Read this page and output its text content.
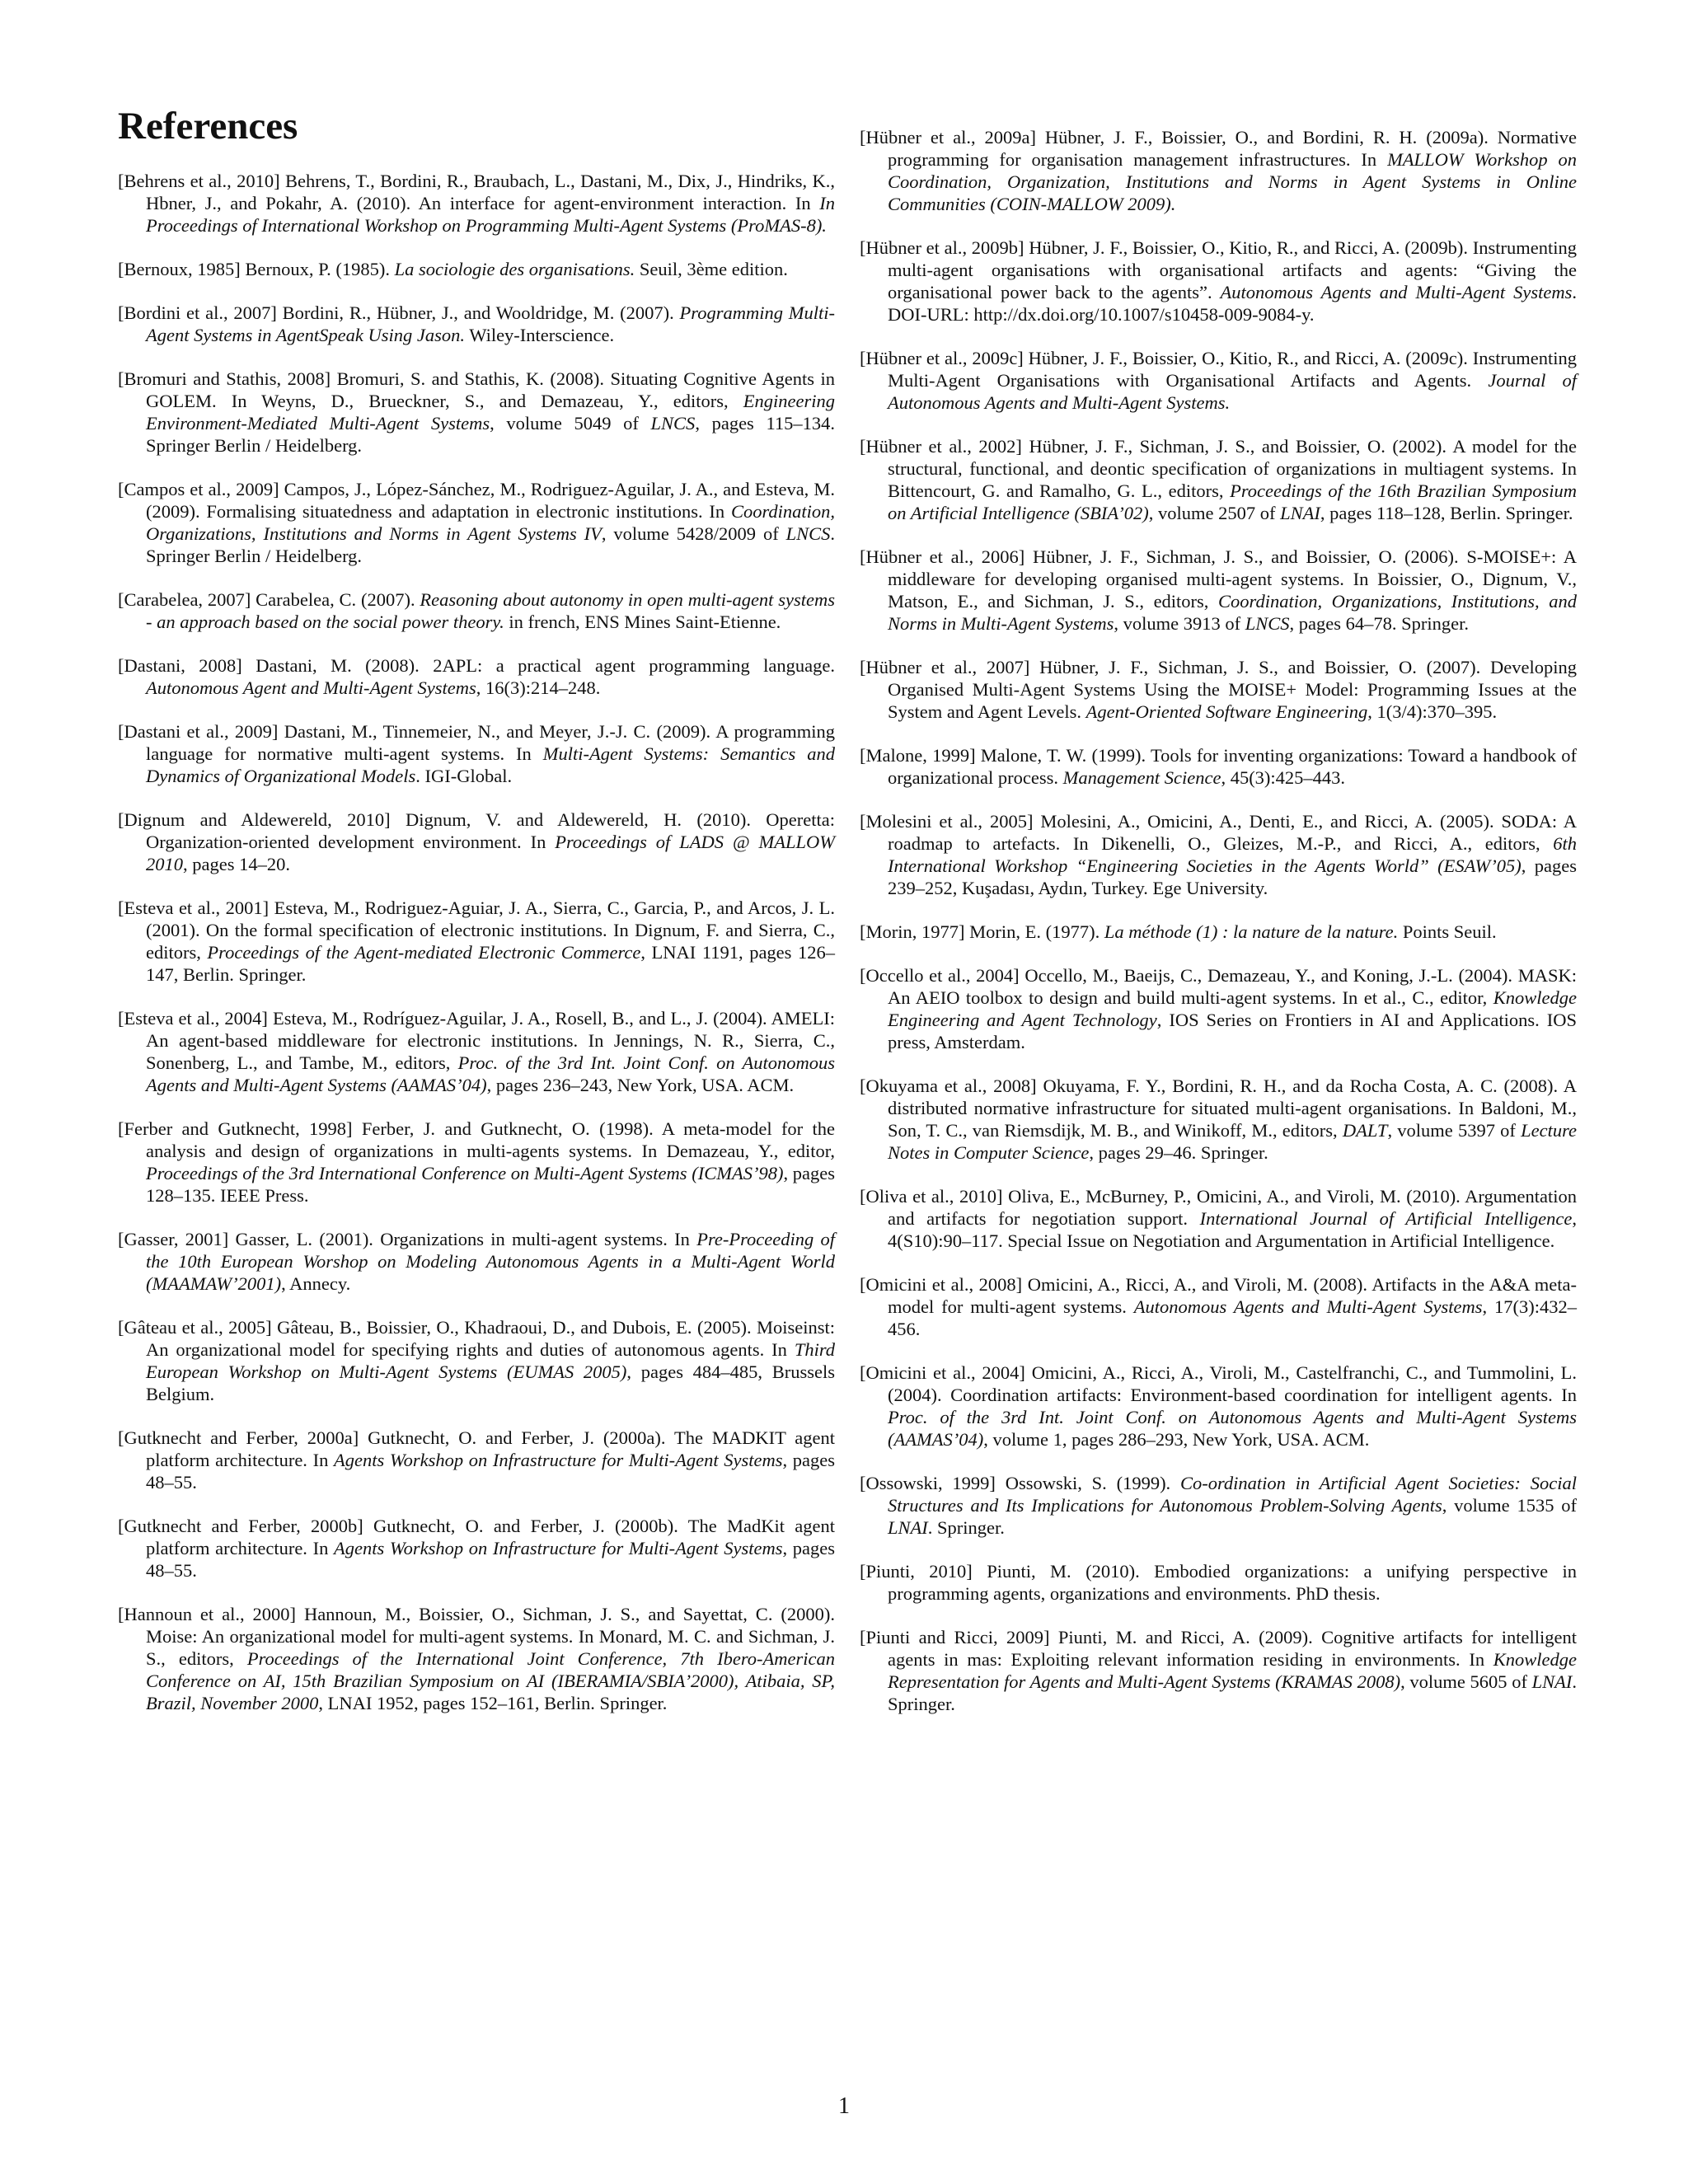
References

[Behrens et al., 2010] Behrens, T., Bordini, R., Braubach, L., Dastani, M., Dix, J., Hindriks, K., Hbner, J., and Pokahr, A. (2010). An interface for agent-environment interaction. In In Proceedings of International Workshop on Programming Multi-Agent Systems (ProMAS-8).

[Bernoux, 1985] Bernoux, P. (1985). La sociologie des organisations. Seuil, 3ème edition.

[Bordini et al., 2007] Bordini, R., Hübner, J., and Wooldridge, M. (2007). Programming Multi-Agent Systems in AgentSpeak Using Jason. Wiley-Interscience.

[Bromuri and Stathis, 2008] Bromuri, S. and Stathis, K. (2008). Situating Cognitive Agents in GOLEM. In Weyns, D., Brueckner, S., and Demazeau, Y., editors, Engineering Environment-Mediated Multi-Agent Systems, volume 5049 of LNCS, pages 115–134. Springer Berlin / Heidelberg.

[Campos et al., 2009] Campos, J., López-Sánchez, M., Rodriguez-Aguilar, J. A., and Esteva, M. (2009). Formalising situatedness and adaptation in electronic institutions. In Coordination, Organizations, Institutions and Norms in Agent Systems IV, volume 5428/2009 of LNCS. Springer Berlin / Heidelberg.

[Carabelea, 2007] Carabelea, C. (2007). Reasoning about autonomy in open multi-agent systems - an approach based on the social power theory. in french, ENS Mines Saint-Etienne.

[Dastani, 2008] Dastani, M. (2008). 2APL: a practical agent programming language. Autonomous Agent and Multi-Agent Systems, 16(3):214–248.

[Dastani et al., 2009] Dastani, M., Tinnemeier, N., and Meyer, J.-J. C. (2009). A programming language for normative multi-agent systems. In Multi-Agent Systems: Semantics and Dynamics of Organizational Models. IGI-Global.

[Dignum and Aldewereld, 2010] Dignum, V. and Aldewereld, H. (2010). Operetta: Organization-oriented development environment. In Proceedings of LADS @ MALLOW 2010, pages 14–20.

[Esteva et al., 2001] Esteva, M., Rodriguez-Aguiar, J. A., Sierra, C., Garcia, P., and Arcos, J. L. (2001). On the formal specification of electronic institutions. In Dignum, F. and Sierra, C., editors, Proceedings of the Agent-mediated Electronic Commerce, LNAI 1191, pages 126–147, Berlin. Springer.

[Esteva et al., 2004] Esteva, M., Rodríguez-Aguilar, J. A., Rosell, B., and L., J. (2004). AMELI: An agent-based middleware for electronic institutions. In Jennings, N. R., Sierra, C., Sonenberg, L., and Tambe, M., editors, Proc. of the 3rd Int. Joint Conf. on Autonomous Agents and Multi-Agent Systems (AAMAS’04), pages 236–243, New York, USA. ACM.

[Ferber and Gutknecht, 1998] Ferber, J. and Gutknecht, O. (1998). A meta-model for the analysis and design of organizations in multi-agents systems. In Demazeau, Y., editor, Proceedings of the 3rd International Conference on Multi-Agent Systems (ICMAS’98), pages 128–135. IEEE Press.

[Gasser, 2001] Gasser, L. (2001). Organizations in multi-agent systems. In Pre-Proceeding of the 10th European Worshop on Modeling Autonomous Agents in a Multi-Agent World (MAAMAW’2001), Annecy.

[Gâteau et al., 2005] Gâteau, B., Boissier, O., Khadraoui, D., and Dubois, E. (2005). Moiseinst: An organizational model for specifying rights and duties of autonomous agents. In Third European Workshop on Multi-Agent Systems (EUMAS 2005), pages 484–485, Brussels Belgium.

[Gutknecht and Ferber, 2000a] Gutknecht, O. and Ferber, J. (2000a). The MADKIT agent platform architecture. In Agents Workshop on Infrastructure for Multi-Agent Systems, pages 48–55.

[Gutknecht and Ferber, 2000b] Gutknecht, O. and Ferber, J. (2000b). The MadKit agent platform architecture. In Agents Workshop on Infrastructure for Multi-Agent Systems, pages 48–55.

[Hannoun et al., 2000] Hannoun, M., Boissier, O., Sichman, J. S., and Sayettat, C. (2000). Moise: An organizational model for multi-agent systems. In Monard, M. C. and Sichman, J. S., editors, Proceedings of the International Joint Conference, 7th Ibero-American Conference on AI, 15th Brazilian Symposium on AI (IBERAMIA/SBIA’2000), Atibaia, SP, Brazil, November 2000, LNAI 1952, pages 152–161, Berlin. Springer.

[Hübner et al., 2009a] Hübner, J. F., Boissier, O., and Bordini, R. H. (2009a). Normative programming for organisation management infrastructures. In MALLOW Workshop on Coordination, Organization, Institutions and Norms in Agent Systems in Online Communities (COIN-MALLOW 2009).

[Hübner et al., 2009b] Hübner, J. F., Boissier, O., Kitio, R., and Ricci, A. (2009b). Instrumenting multi-agent organisations with organisational artifacts and agents: “Giving the organisational power back to the agents”. Autonomous Agents and Multi-Agent Systems. DOI-URL: http://dx.doi.org/10.1007/s10458-009-9084-y.

[Hübner et al., 2009c] Hübner, J. F., Boissier, O., Kitio, R., and Ricci, A. (2009c). Instrumenting Multi-Agent Organisations with Organisational Artifacts and Agents. Journal of Autonomous Agents and Multi-Agent Systems.

[Hübner et al., 2002] Hübner, J. F., Sichman, J. S., and Boissier, O. (2002). A model for the structural, functional, and deontic specification of organizations in multiagent systems. In Bittencourt, G. and Ramalho, G. L., editors, Proceedings of the 16th Brazilian Symposium on Artificial Intelligence (SBIA’02), volume 2507 of LNAI, pages 118–128, Berlin. Springer.

[Hübner et al., 2006] Hübner, J. F., Sichman, J. S., and Boissier, O. (2006). S-MOISE+: A middleware for developing organised multi-agent systems. In Boissier, O., Dignum, V., Matson, E., and Sichman, J. S., editors, Coordination, Organizations, Institutions, and Norms in Multi-Agent Systems, volume 3913 of LNCS, pages 64–78. Springer.

[Hübner et al., 2007] Hübner, J. F., Sichman, J. S., and Boissier, O. (2007). Developing Organised Multi-Agent Systems Using the MOISE+ Model: Programming Issues at the System and Agent Levels. Agent-Oriented Software Engineering, 1(3/4):370–395.

[Malone, 1999] Malone, T. W. (1999). Tools for inventing organizations: Toward a handbook of organizational process. Management Science, 45(3):425–443.

[Molesini et al., 2005] Molesini, A., Omicini, A., Denti, E., and Ricci, A. (2005). SODA: A roadmap to artefacts. In Dikenelli, O., Gleizes, M.-P., and Ricci, A., editors, 6th International Workshop “Engineering Societies in the Agents World” (ESAW’05), pages 239–252, Kuşadası, Aydın, Turkey. Ege University.

[Morin, 1977] Morin, E. (1977). La méthode (1) : la nature de la nature. Points Seuil.

[Occello et al., 2004] Occello, M., Baeijs, C., Demazeau, Y., and Koning, J.-L. (2004). MASK: An AEIO toolbox to design and build multi-agent systems. In et al., C., editor, Knowledge Engineering and Agent Technology, IOS Series on Frontiers in AI and Applications. IOS press, Amsterdam.

[Okuyama et al., 2008] Okuyama, F. Y., Bordini, R. H., and da Rocha Costa, A. C. (2008). A distributed normative infrastructure for situated multi-agent organisations. In Baldoni, M., Son, T. C., van Riemsdijk, M. B., and Winikoff, M., editors, DALT, volume 5397 of Lecture Notes in Computer Science, pages 29–46. Springer.

[Oliva et al., 2010] Oliva, E., McBurney, P., Omicini, A., and Viroli, M. (2010). Argumentation and artifacts for negotiation support. International Journal of Artificial Intelligence, 4(S10):90–117. Special Issue on Negotiation and Argumentation in Artificial Intelligence.

[Omicini et al., 2008] Omicini, A., Ricci, A., and Viroli, M. (2008). Artifacts in the A&A meta-model for multi-agent systems. Autonomous Agents and Multi-Agent Systems, 17(3):432–456.

[Omicini et al., 2004] Omicini, A., Ricci, A., Viroli, M., Castelfranchi, C., and Tummolini, L. (2004). Coordination artifacts: Environment-based coordination for intelligent agents. In Proc. of the 3rd Int. Joint Conf. on Autonomous Agents and Multi-Agent Systems (AAMAS’04), volume 1, pages 286–293, New York, USA. ACM.

[Ossowski, 1999] Ossowski, S. (1999). Co-ordination in Artificial Agent Societies: Social Structures and Its Implications for Autonomous Problem-Solving Agents, volume 1535 of LNAI. Springer.

[Piunti, 2010] Piunti, M. (2010). Embodied organizations: a unifying perspective in programming agents, organizations and environments. PhD thesis.

[Piunti and Ricci, 2009] Piunti, M. and Ricci, A. (2009). Cognitive artifacts for intelligent agents in mas: Exploiting relevant information residing in environments. In Knowledge Representation for Agents and Multi-Agent Systems (KRAMAS 2008), volume 5605 of LNAI. Springer.

1
